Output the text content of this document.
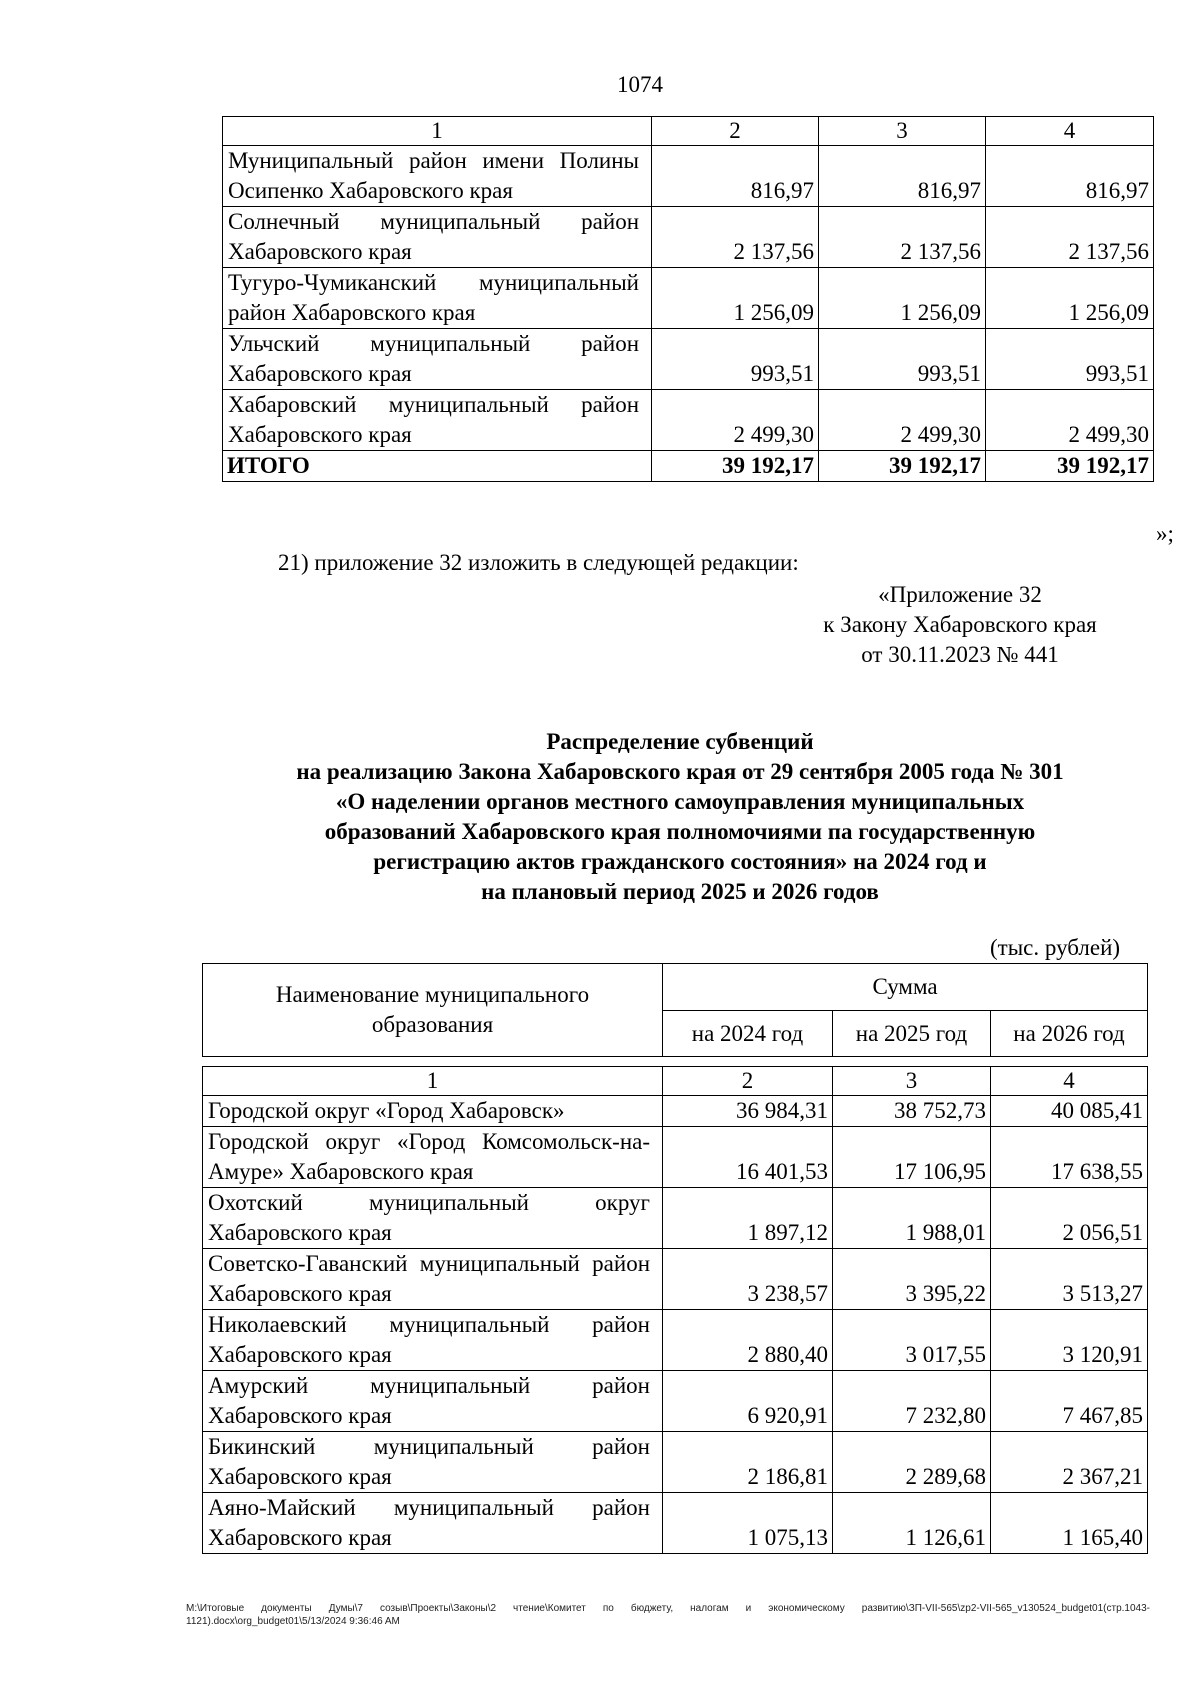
1074
1	2	3	4
Муниципальный район имени Полины Осипенко Хабаровского края	816,97	816,97	816,97
Солнечный муниципальный район Хабаровского края	2 137,56	2 137,56	2 137,56
Тугуро-Чумиканский муниципальный район Хабаровского края	1 256,09	1 256,09	1 256,09
Ульчский муниципальный район Хабаровского края	993,51	993,51	993,51
Хабаровский муниципальный район Хабаровского края	2 499,30	2 499,30	2 499,30
ИТОГО	39 192,17	39 192,17	39 192,17
»;
21) приложение 32 изложить в следующей редакции:
«Приложение 32
к Закону Хабаровского края
от 30.11.2023 № 441
Распределение субвенций
на реализацию Закона Хабаровского края от 29 сентября 2005 года № 301
«О наделении органов местного самоуправления муниципальных
образований Хабаровского края полномочиями па государственную
регистрацию актов гражданского состояния» на 2024 год и
на плановый период 2025 и 2026 годов
(тыс. рублей)
Наименование муниципального образования	Сумма		
	на 2024 год	на 2025 год	на 2026 год
1	2	3	4
Городской округ «Город Хабаровск»	36 984,31	38 752,73	40 085,41
Городской округ «Город Комсомольск-на-Амуре» Хабаровского края	16 401,53	17 106,95	17 638,55
Охотский муниципальный округ Хабаровского края	1 897,12	1 988,01	2 056,51
Советско-Гаванский муниципальный район Хабаровского края	3 238,57	3 395,22	3 513,27
Николаевский муниципальный район Хабаровского края	2 880,40	3 017,55	3 120,91
Амурский муниципальный район Хабаровского края	6 920,91	7 232,80	7 467,85
Бикинский муниципальный район Хабаровского края	2 186,81	2 289,68	2 367,21
Аяно-Майский муниципальный район Хабаровского края	1 075,13	1 126,61	1 165,40
M:\Итоговые документы Думы\7 созыв\Проекты\Законы\2 чтение\Комитет по бюджету, налогам и экономическому развитию\ЗП-VII-565\zp2-VII-565_v130524_budget01(стр.1043-1121).docx\org_budget01\5/13/2024 9:36:46 AM
